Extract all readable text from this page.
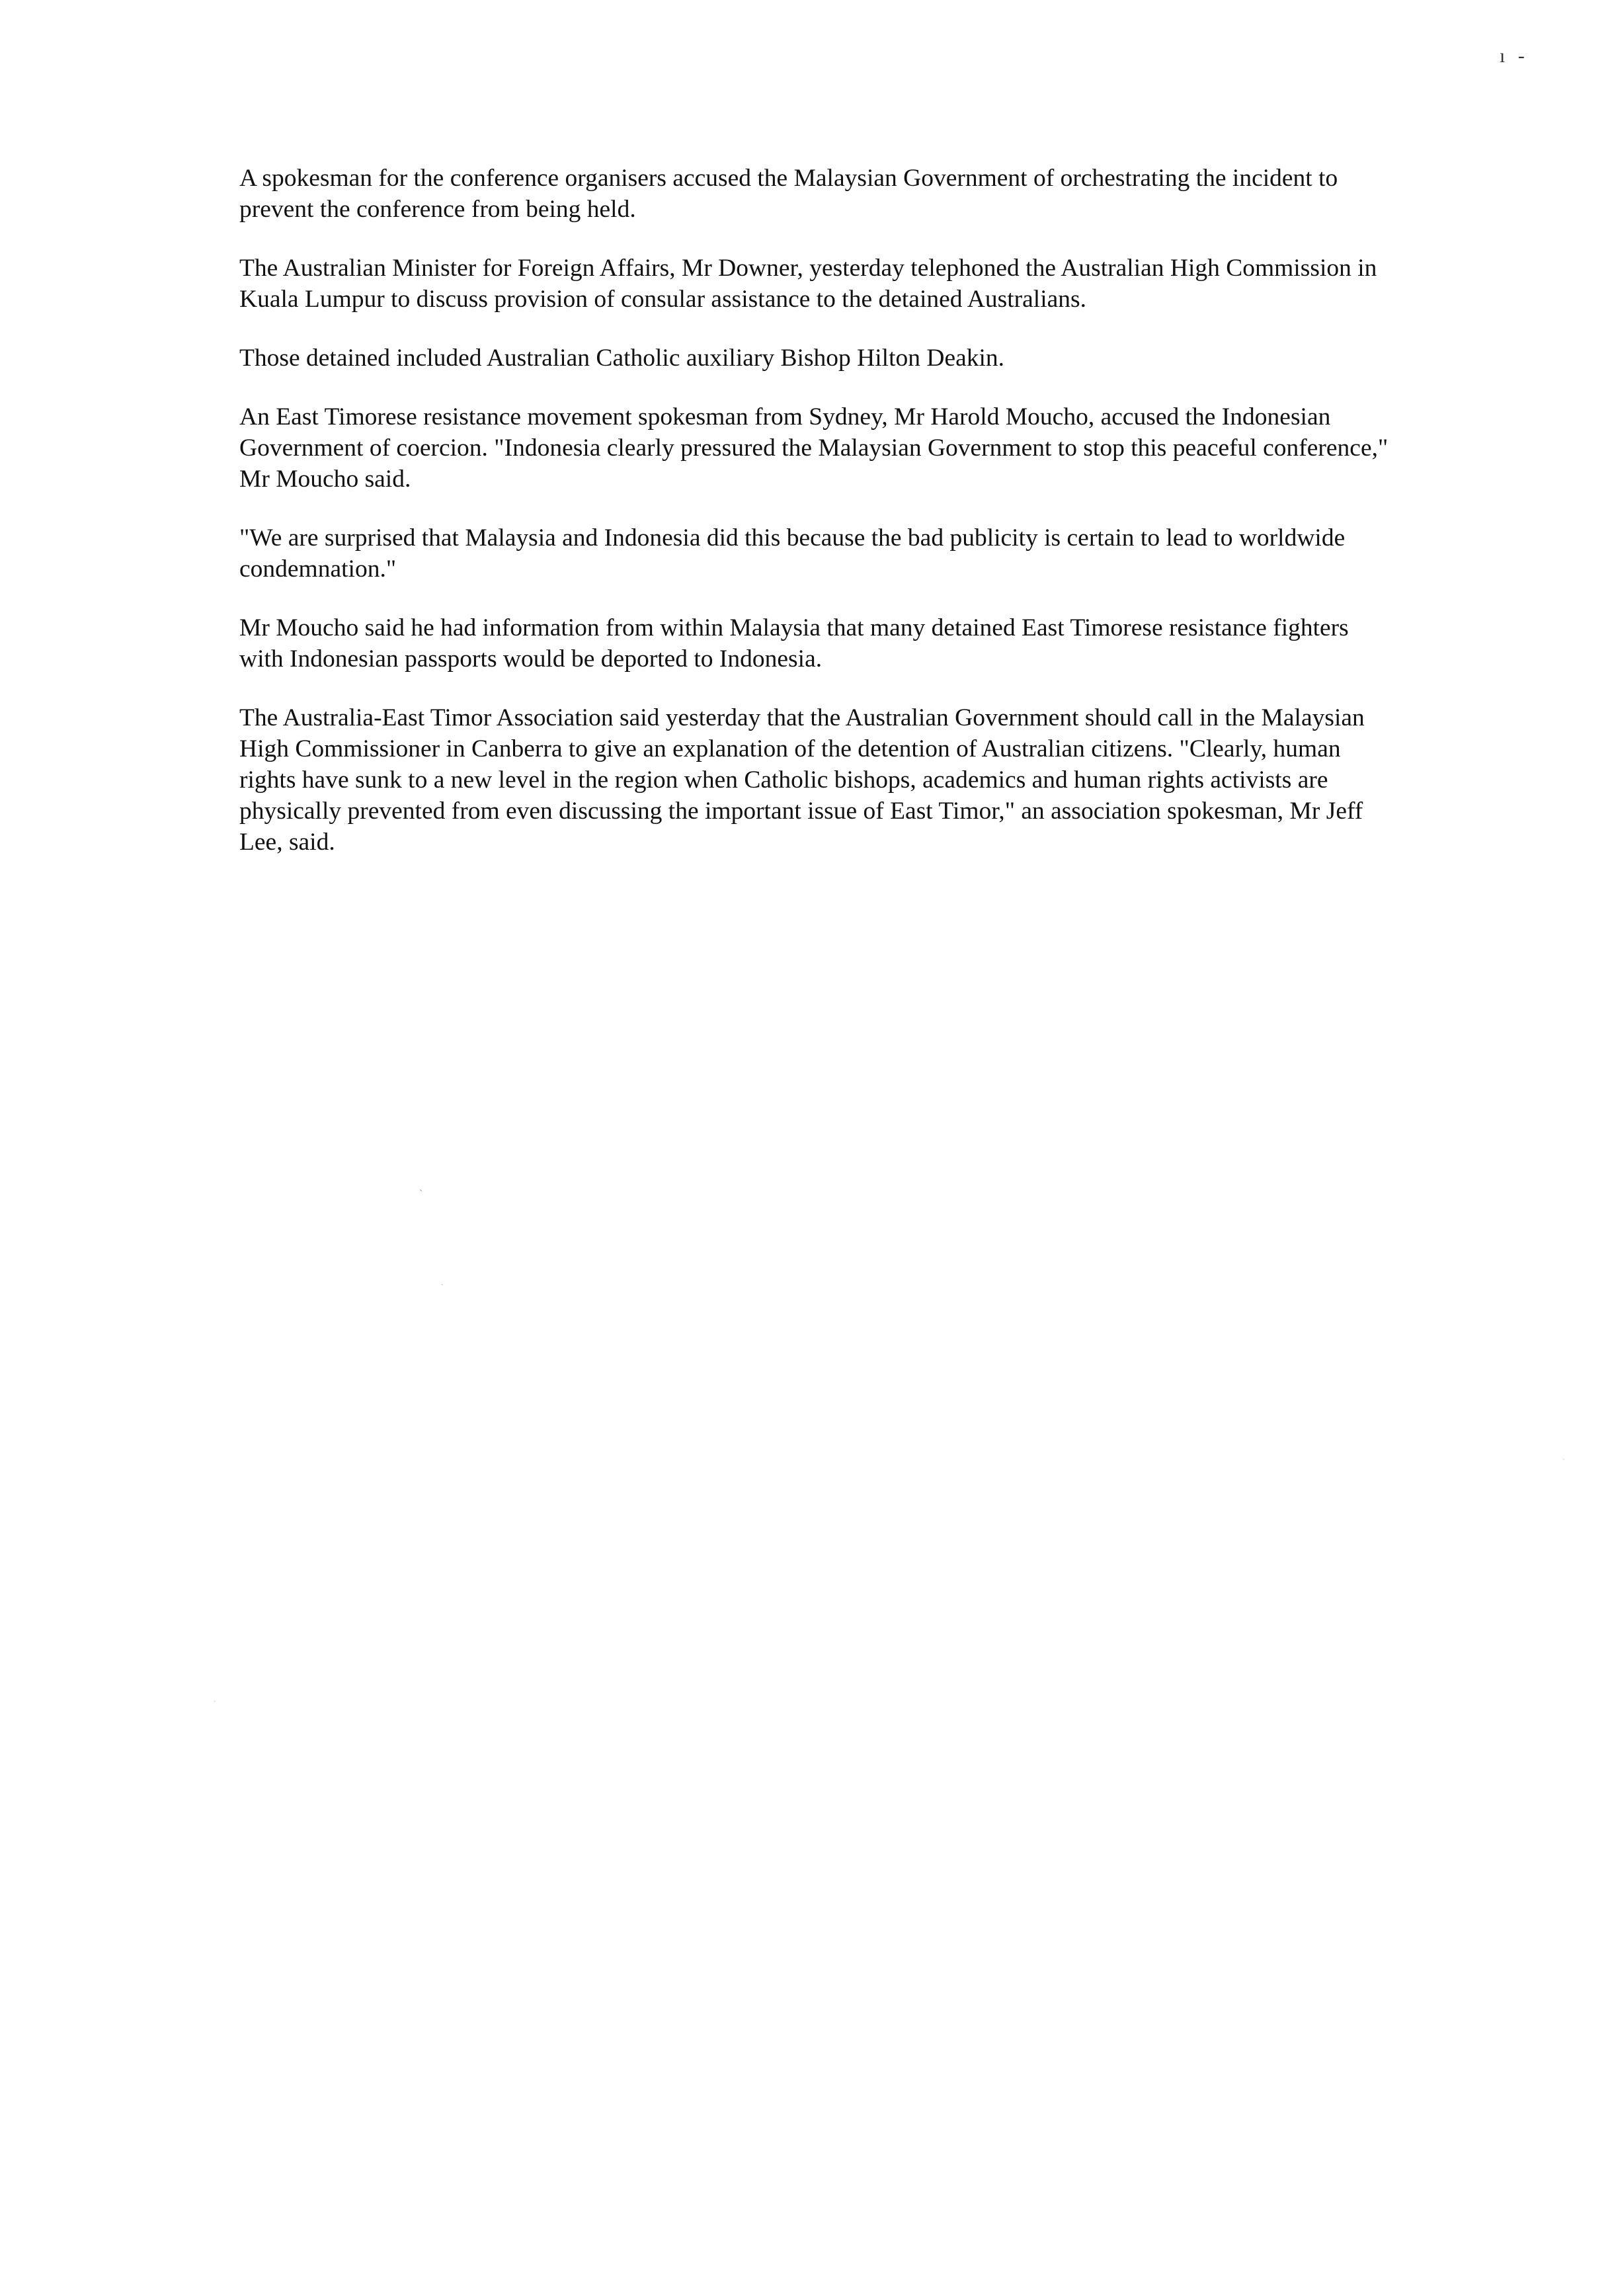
ı -

A spokesman for the conference organisers accused the Malaysian Government of orchestrating the incident to prevent the conference from being held.

The Australian Minister for Foreign Affairs, Mr Downer, yesterday telephoned the Australian High Commission in Kuala Lumpur to discuss provision of consular assistance to the detained Australians.

Those detained included Australian Catholic auxiliary Bishop Hilton Deakin.

An East Timorese resistance movement spokesman from Sydney, Mr Harold Moucho, accused the Indonesian Government of coercion. "Indonesia clearly pressured the Malaysian Government to stop this peaceful conference," Mr Moucho said.

"We are surprised that Malaysia and Indonesia did this because the bad publicity is certain to lead to worldwide condemnation."

Mr Moucho said he had information from within Malaysia that many detained East Timorese resistance fighters with Indonesian passports would be deported to Indonesia.

The Australia-East Timor Association said yesterday that the Australian Government should call in the Malaysian High Commissioner in Canberra to give an explanation of the detention of Australian citizens. "Clearly, human rights have sunk to a new level in the region when Catholic bishops, academics and human rights activists are physically prevented from even discussing the important issue of East Timor," an association spokesman, Mr Jeff Lee, said.

ˏ
·
·
·
